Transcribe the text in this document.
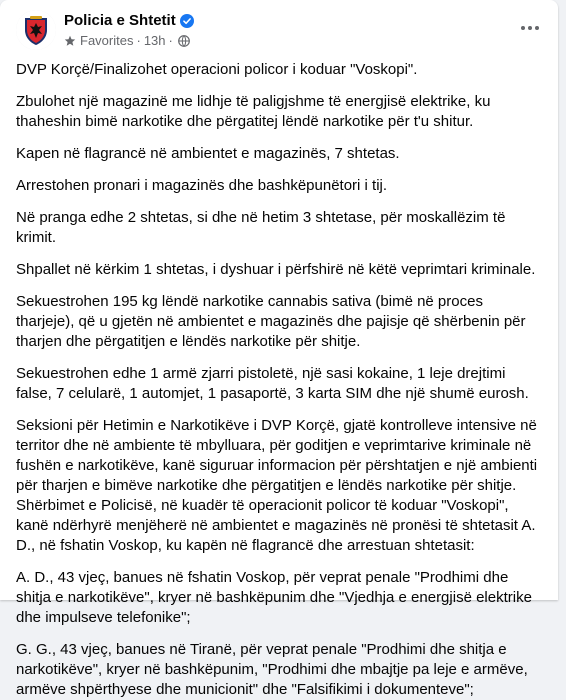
Policia e Shtetit
Favorites · 13h ·

DVP Korçë/Finalizohet operacioni policor i koduar "Voskopi".

Zbulohet një magazinë me lidhje të paligjshme të energjisë elektrike, ku thaheshin bimë narkotike dhe përgatitej lëndë narkotike për t'u shitur.

Kapen në flagrancë në ambientet e magazinës, 7 shtetas.

Arrestohen pronari i magazinës dhe bashkëpunëtori i tij.

Në pranga edhe 2 shtetas, si dhe në hetim 3 shtetase, për moskallëzim të krimit.

Shpallet në kërkim 1 shtetas, i dyshuar i përfshirë në këtë veprimtari kriminale.

Sekuestrohen 195 kg lëndë narkotike cannabis sativa (bimë në proces tharjeje), që u gjetën në ambientet e magazinës dhe pajisje që shërbenin për tharjen dhe përgatitjen e lëndës narkotike për shitje.

Sekuestrohen edhe 1 armë zjarri pistoletë, një sasi kokaine, 1 leje drejtimi false, 7 celularë, 1 automjet, 1 pasaportë, 3 karta SIM dhe një shumë eurosh.

Seksioni për Hetimin e Narkotikëve i DVP Korçë, gjatë kontrolleve intensive në territor dhe në ambiente të mbylluara, për goditjen e veprimtarive kriminale në fushën e narkotikëve, kanë siguruar informacion për përshtatjen e një ambienti për tharjen e bimëve narkotike dhe përgatitjen e lëndës narkotike për shitje. Shërbimet e Policisë, në kuadër të operacionit policor të koduar "Voskopi", kanë ndërhyrë menjëherë në ambientet e magazinës në pronësi të shtetasit A. D., në fshatin Voskop, ku kapën në flagrancë dhe arrestuan shtetasit:

A. D., 43 vjeç, banues në fshatin Voskop, për veprat penale "Prodhimi dhe shitja e narkotikëve", kryer në bashkëpunim dhe "Vjedhja e energjisë elektrike dhe impulseve telefonike";

G. G., 43 vjeç, banues në Tiranë, për veprat penale "Prodhimi dhe shitja e narkotikëve", kryer në bashkëpunim, "Prodhimi dhe mbajtje pa leje e armëve, armëve shpërthyese dhe municionit" dhe "Falsifikimi i dokumenteve";
